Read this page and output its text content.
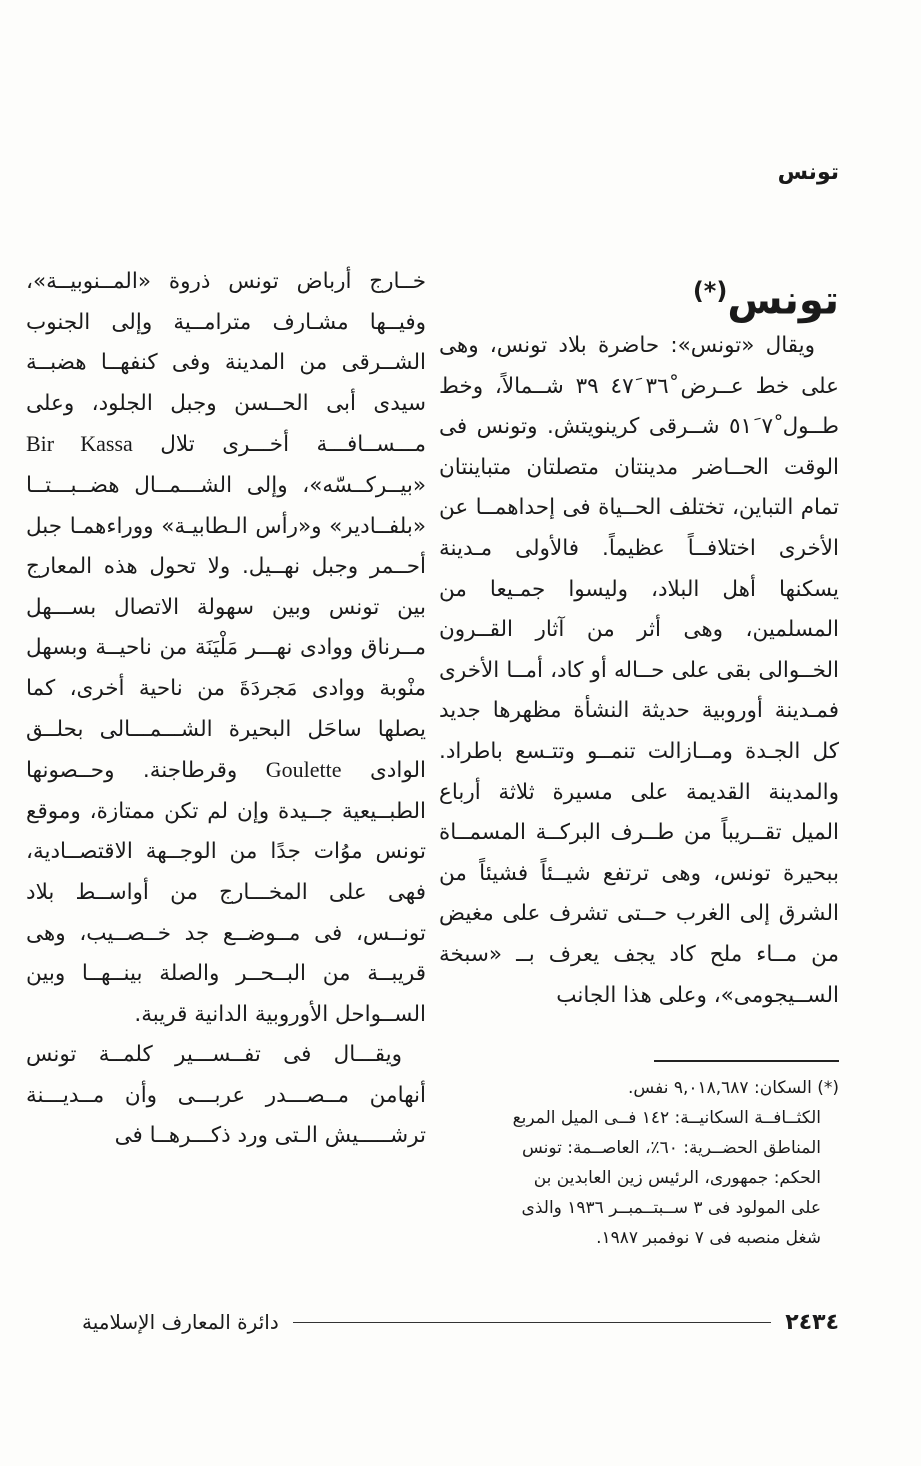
تونس
تونس(*)

ويقال «تونس»: حاضرة بلاد تونس، وهى على خط عــرض ٣٦ْ ٤٧َ ٣٩ شــمالاً، وخط طــول ٧ْ ٥١َ شــرقى كرينويتش. وتونس فى الوقت الحــاضر مدينتان متصلتان متباينتان تمام التباين، تختلف الحــياة فى إحداهمــا عن الأخرى اختلافــاً عظيماً. فالأولى مـدينة يسكنها أهل البلاد، وليسوا جمـيعا من المسلمين، وهى أثر من آثار القــرون الخــوالى بقى على حــاله أو كاد، أمــا الأخرى فمـدينة أوروبية حديثة النشأة مظهرها جديد كل الجـدة ومــازالت تنمــو وتتـسع باطراد. والمدينة القديمة على مسيرة ثلاثة أرباع الميل تقــريباً من طــرف البركــة المسمــاة ببحيرة تونس، وهى ترتفع شيــئاً فشيئاً من الشرق إلى الغرب حــتى تشرف على مغيض من مــاء ملح كاد يجف يعرف بــ «سبخة الســيجومى»، وعلى هذا الجانب

خــارج أرباض تونس ذروة «المــنوبيــة»، وفيــها مشـارف مترامــية وإلى الجنوب الشــرقى من المدينة وفى كنفهــا هضبــة سيدى أبى الحــسن وجبل الجلود، وعلى مـــســافـــة أخـــرى تلال Bir Kassa «بيــركــسّه»، وإلى الشـــمــال هضــبـــتــا «بلفــادير» و«رأس الـطابيـة» ووراءهمـا جبل أحــمر وجبل نهــيل. ولا تحول هذه المعارج بين تونس وبين سهولة الاتصال بســـهل مــرناق ووادى نهـــر مَلْيَنَة من ناحيــة وبسهل منْوبة ووادى مَجردَةَ من ناحية أخرى، كما يصلها ساحَل البحيرة الشـــمـــالى بحلــق الوادى Goulette وقرطاجنة. وحــصونها الطبــيعية جــيدة وإن لم تكن ممتازة، وموقع تونس موُات جدًا من الوجــهة الاقتصــادية، فهى على المخـــارج من أواســط بلاد تونــس، فى مــوضــع جد خــصــيب، وهى قريبــة من البــحــر والصلة بينــهــا وبين الســواحل الأوروبية الدانية قريبة.

ويقـــال فى تفــســـير كلمــة تونس أنهامن مــصـــدر عربـــى وأن مــديـــنة ترشـــــيش الـتى ورد ذكـــرهــا فى

(*) السكان: ٩,٠١٨,٦٨٧ نفس.
الكثــافــة السكانيــة: ١٤٢ فــى الميل المربع
المناطق الحضــرية: ٦٠٪، العاصــمة: تونس
الحكم: جمهورى، الرئيس زين العابدين بن
على المولود فى ٣ ســبتــمبــر ١٩٣٦ والذى
شغل منصبه فى ٧ نوفمبر ١٩٨٧.
٢٤٣٤
دائرة المعارف الإسلامية
